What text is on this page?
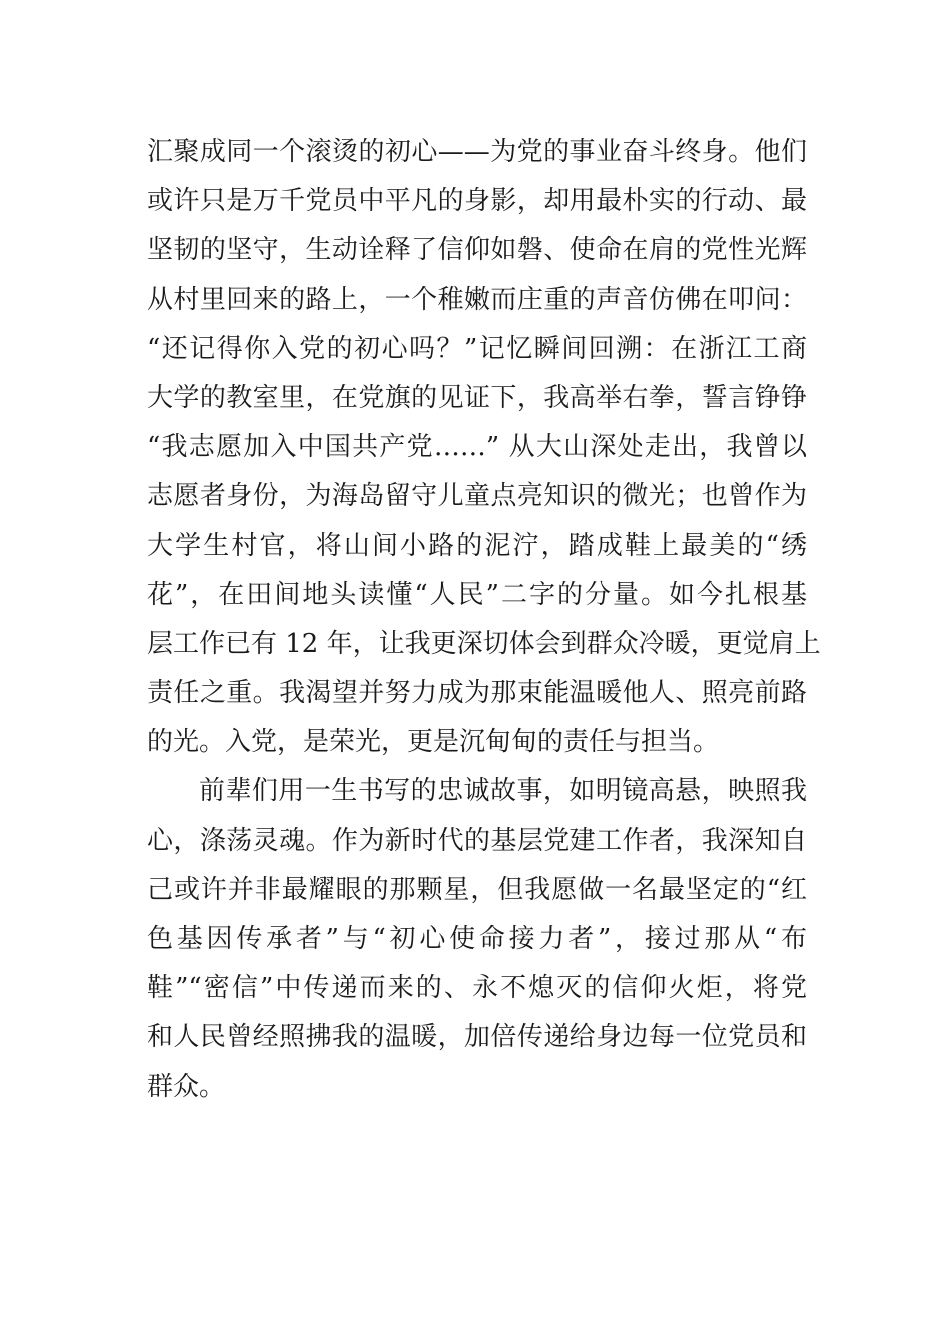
汇聚成同一个滚烫的初心——为党的事业奋斗终身。他们
或许只是万千党员中平凡的身影，却用最朴实的行动、最
坚韧的坚守，生动诠释了信仰如磐、使命在肩的党性光辉
从村里回来的路上，一个稚嫩而庄重的声音仿佛在叩问：
“还记得你入党的初心吗？”记忆瞬间回溯：在浙江工商
大学的教室里，在党旗的见证下，我高举右拳，誓言铮铮
“我志愿加入中国共产党……” 从大山深处走出，我曾以
志愿者身份，为海岛留守儿童点亮知识的微光；也曾作为
大学生村官，将山间小路的泥泞，踏成鞋上最美的“绣
花”，在田间地头读懂“人民”二字的分量。如今扎根基
层工作已有 12 年，让我更深切体会到群众冷暖，更觉肩上
责任之重。我渴望并努力成为那束能温暖他人、照亮前路
的光。入党，是荣光，更是沉甸甸的责任与担当。
前辈们用一生书写的忠诚故事，如明镜高悬，映照我
心，涤荡灵魂。作为新时代的基层党建工作者，我深知自
己或许并非最耀眼的那颗星，但我愿做一名最坚定的“红
色基因传承者”与“初心使命接力者”，接过那从“布
鞋”“密信”中传递而来的、永不熄灭的信仰火炬，将党
和人民曾经照拂我的温暖，加倍传递给身边每一位党员和
群众。
